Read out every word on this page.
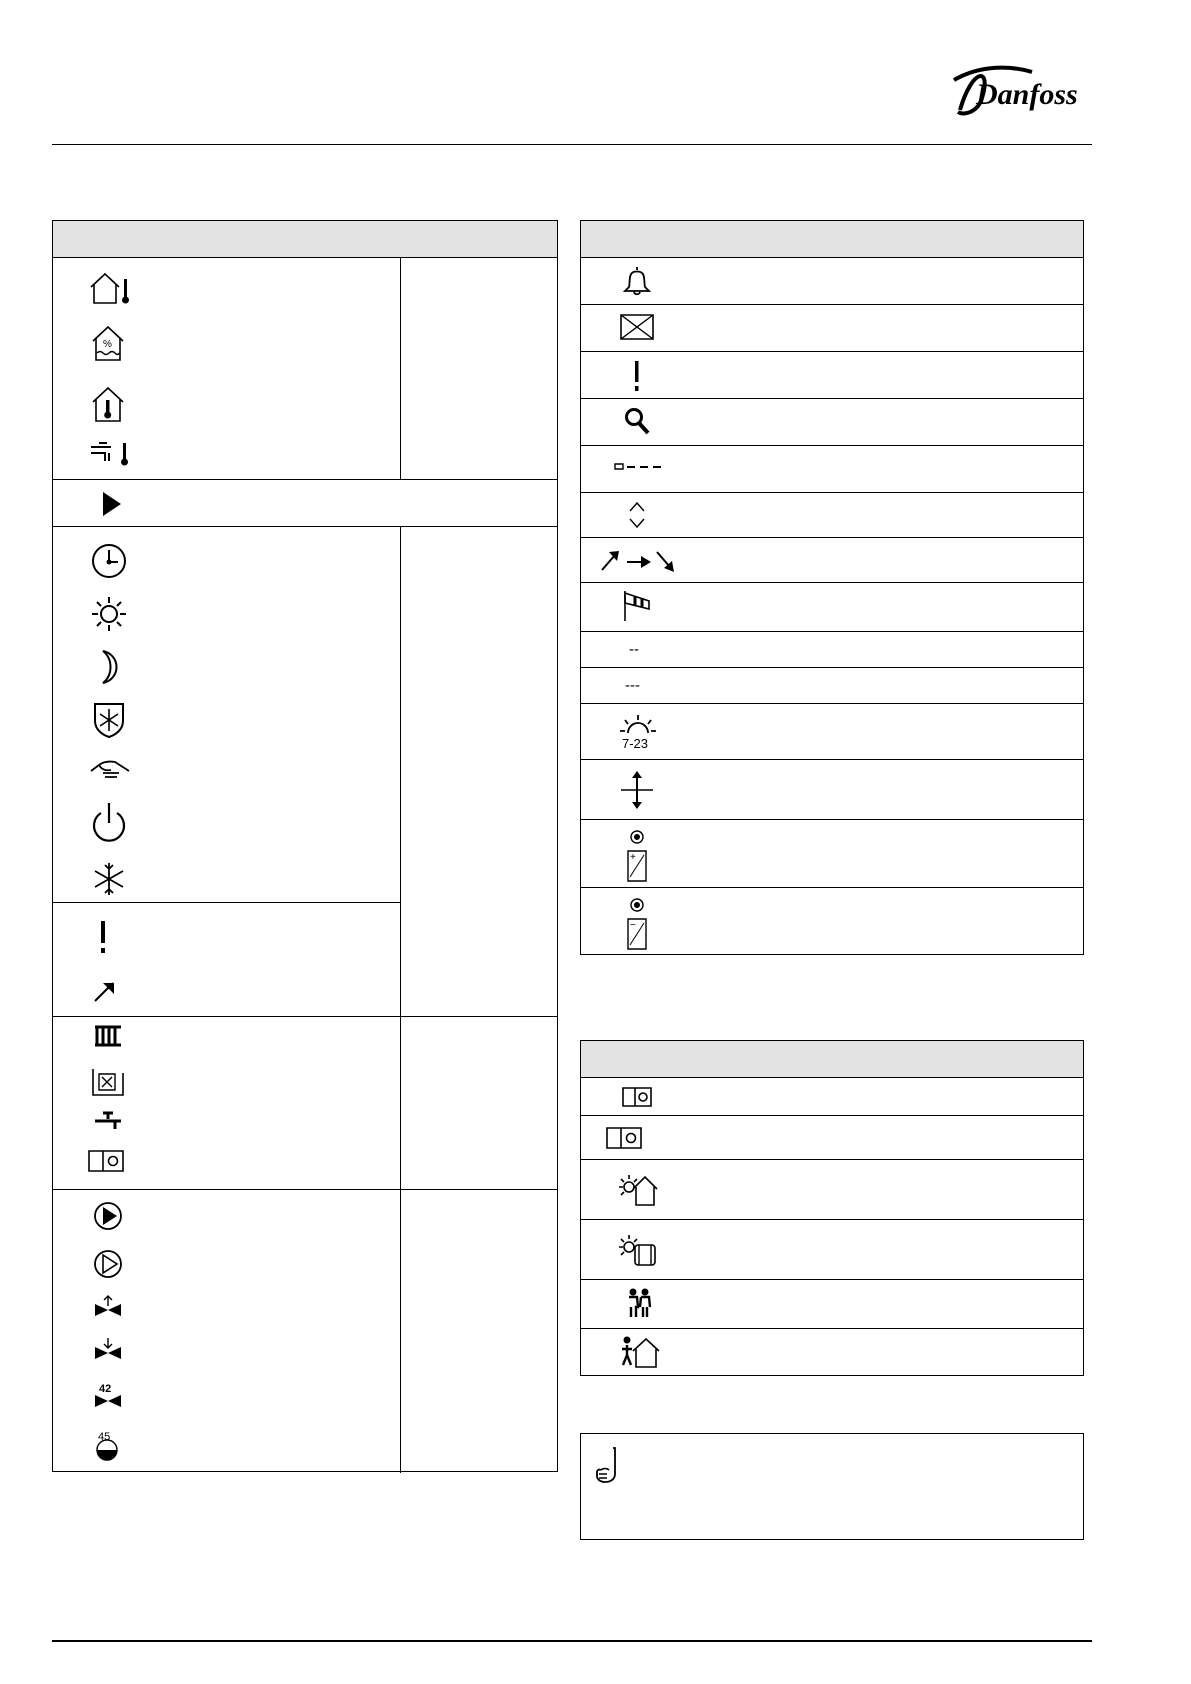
Danfoss
%
42
45
--
---
7-23
+
−
